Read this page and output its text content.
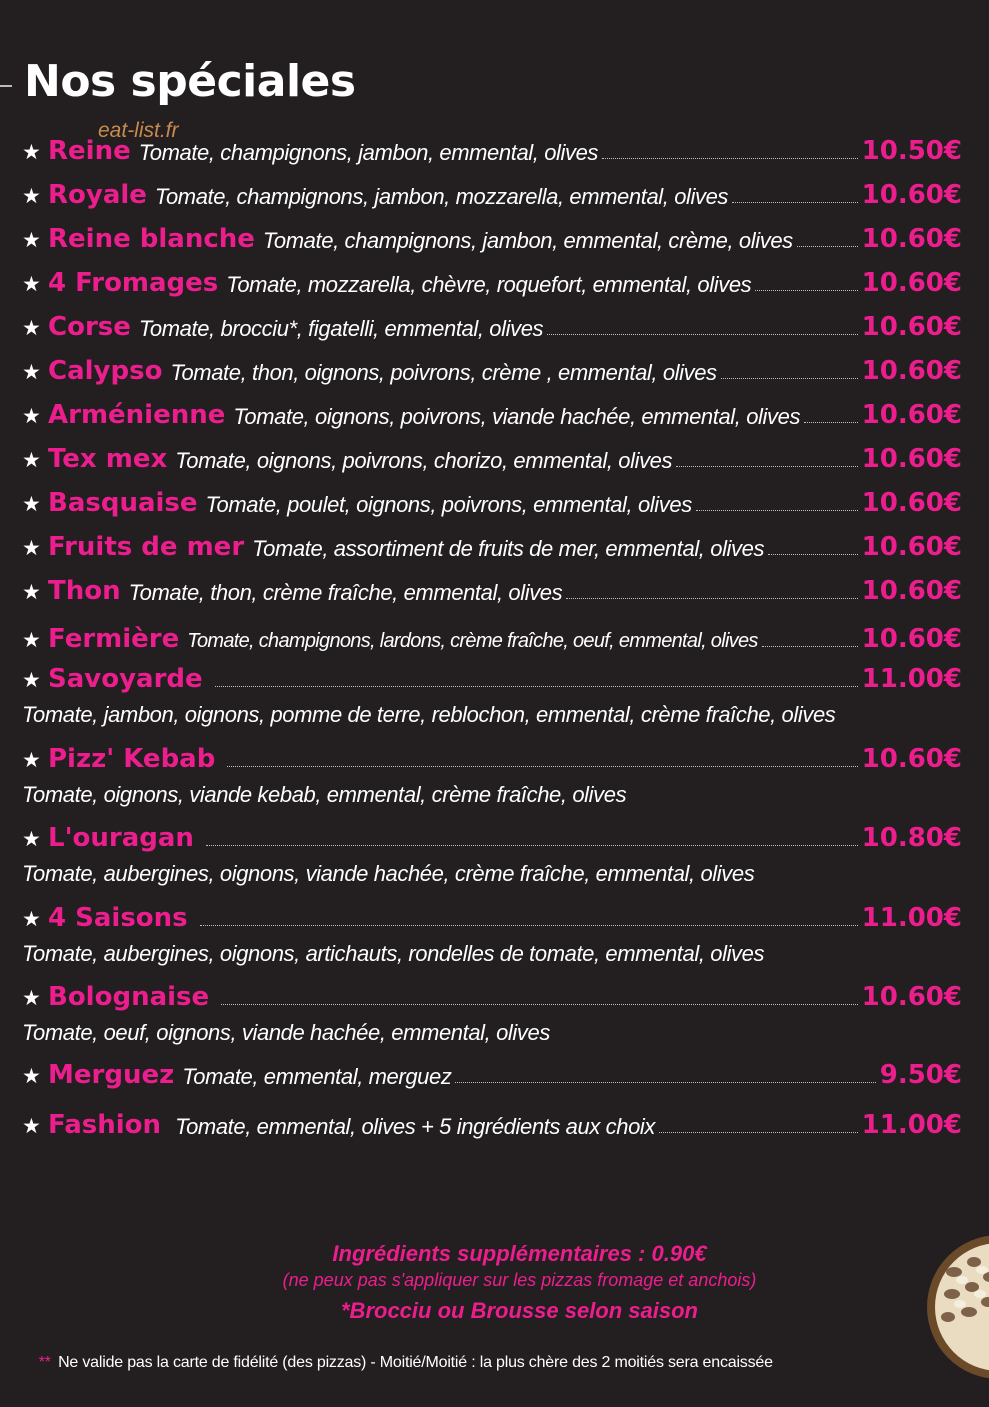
Nos spéciales
eat-list.fr
★ Reine Tomate, champignons, jambon, emmental, olives	10.50€
★ Royale Tomate, champignons, jambon, mozzarella, emmental, olives	10.60€
★ Reine blanche Tomate, champignons, jambon, emmental, crème, olives	10.60€
★ 4 Fromages Tomate, mozzarella, chèvre, roquefort, emmental, olives	10.60€
★ Corse Tomate, brocciu*, figatelli, emmental, olives	10.60€
★ Calypso Tomate, thon, oignons, poivrons, crème , emmental, olives	10.60€
★ Arménienne Tomate, oignons, poivrons, viande hachée, emmental, olives 10.60€
★ Tex mex Tomate, oignons, poivrons, chorizo, emmental, olives	10.60€
★ Basquaise Tomate, poulet, oignons, poivrons, emmental, olives	10.60€
★ Fruits de mer Tomate, assortiment de fruits de mer, emmental, olives	10.60€
★ Thon Tomate, thon, crème fraîche, emmental, olives	10.60€
★ Fermière Tomate, champignons, lardons, crème fraîche, oeuf, emmental, olives	10.60€
★ Savoyarde	11.00€
Tomate, jambon, oignons, pomme de terre, reblochon, emmental, crème fraîche, olives
★ Pizz' Kebab	10.60€
Tomate, oignons, viande kebab, emmental, crème fraîche, olives
★ L'ouragan	10.80€
Tomate, aubergines, oignons, viande hachée, crème fraîche, emmental, olives
★ 4 Saisons	11.00€
Tomate, aubergines, oignons, artichauts, rondelles de tomate, emmental, olives
★ Bolognaise	10.60€
Tomate, oeuf, oignons, viande hachée, emmental, olives
★ Merguez Tomate, emmental, merguez	9.50€
★ Fashion Tomate, emmental, olives + 5 ingrédients aux choix	11.00€
Ingrédients supplémentaires : 0.90€
(ne peux pas s'appliquer sur les pizzas fromage et anchois)
*Brocciu ou Brousse selon saison
** Ne valide pas la carte de fidélité (des pizzas) - Moitié/Moitié : la plus chère des 2 moitiés sera encaissée
